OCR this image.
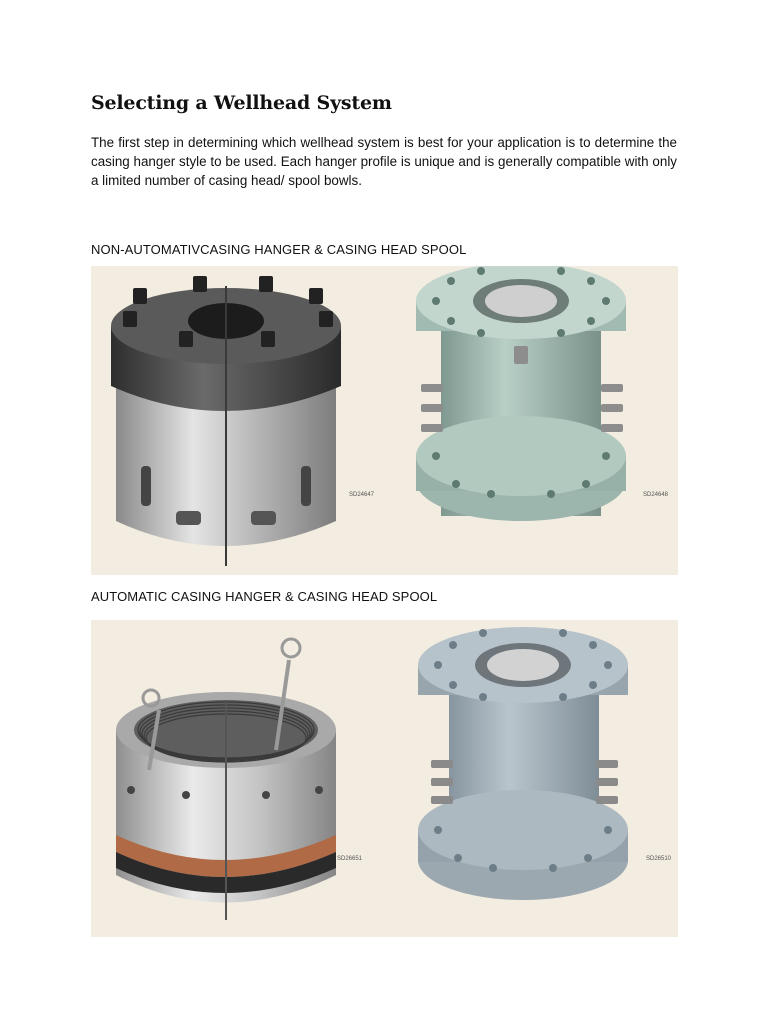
Selecting a Wellhead System
The first step in determining which wellhead system is best for your application is to determine the casing hanger style to be used. Each hanger profile is unique and is generally compatible with only a limited number of casing head/ spool bowls.
NON-AUTOMATIVCASING HANGER & CASING HEAD SPOOL
SD24647	SD24648
AUTOMATIC CASING HANGER & CASING HEAD SPOOL
SD26651	SD26510
